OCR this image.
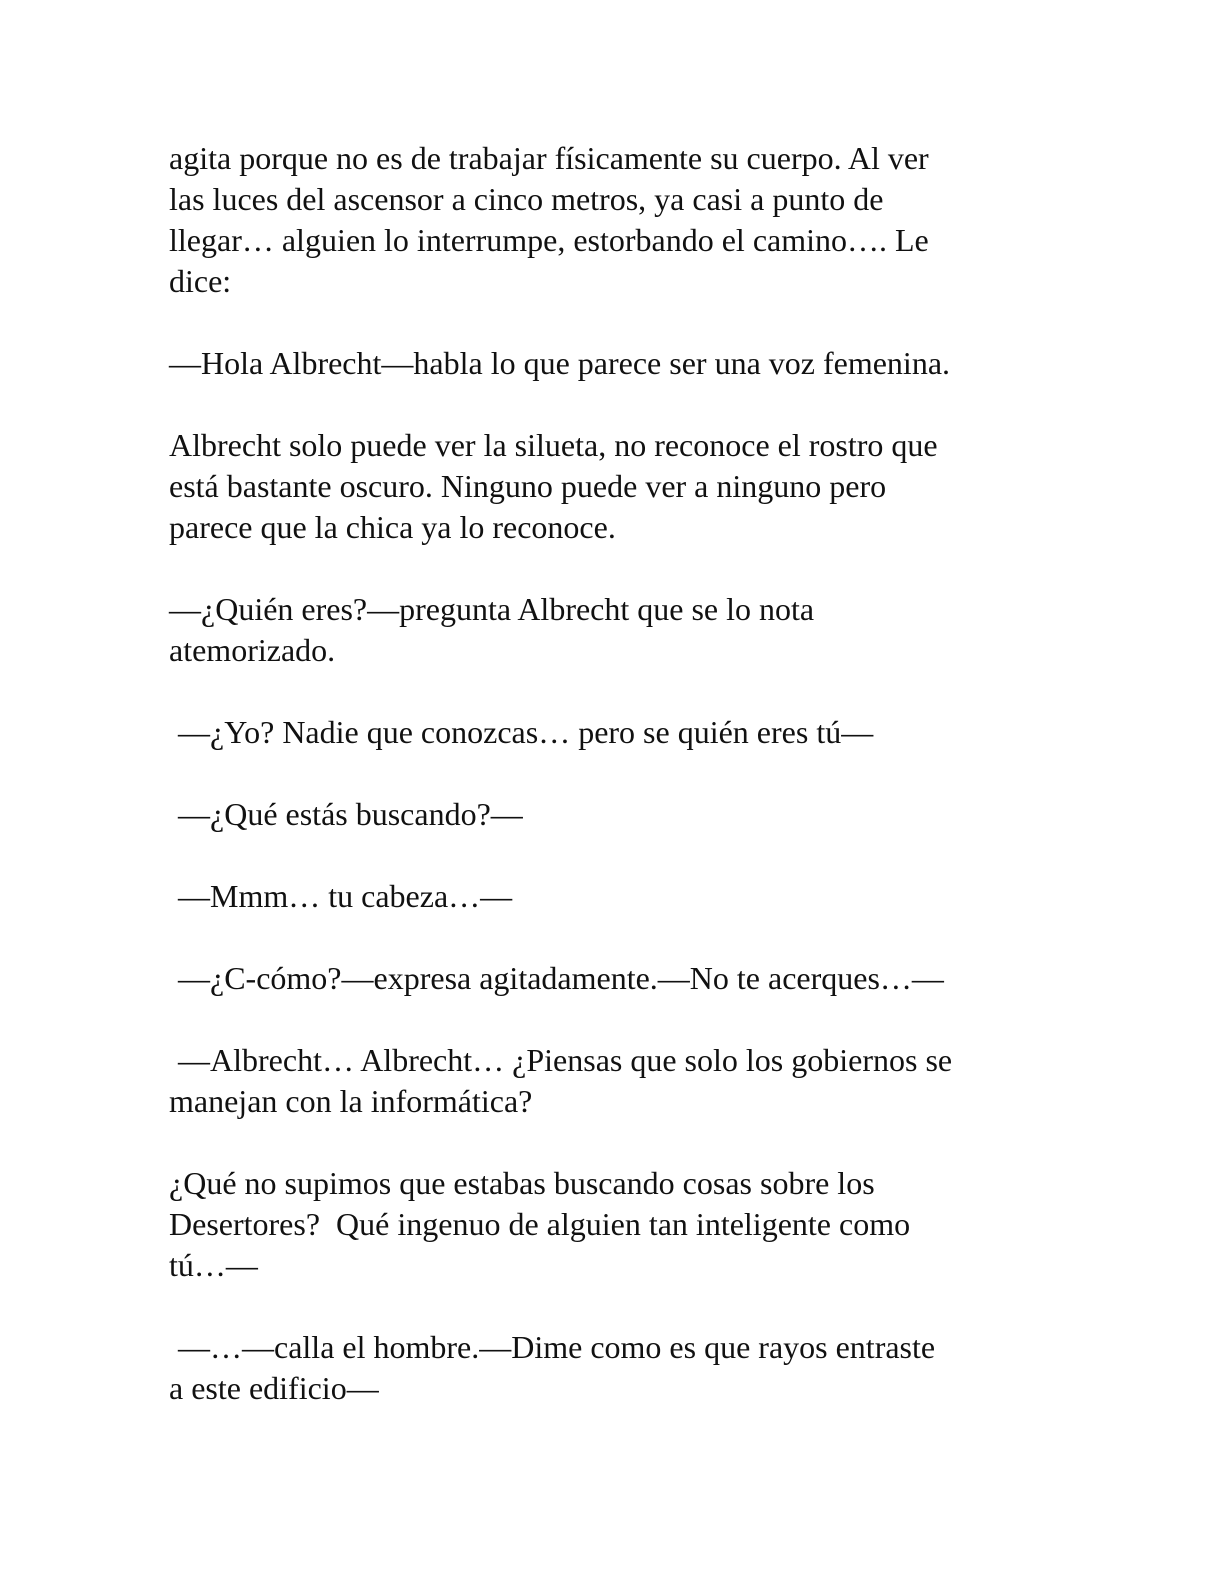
agita porque no es de trabajar físicamente su cuerpo. Al ver
las luces del ascensor a cinco metros, ya casi a punto de
llegar… alguien lo interrumpe, estorbando el camino…. Le
dice:

—Hola Albrecht—habla lo que parece ser una voz femenina.

Albrecht solo puede ver la silueta, no reconoce el rostro que
está bastante oscuro. Ninguno puede ver a ninguno pero
parece que la chica ya lo reconoce.

—¿Quién eres?—pregunta Albrecht que se lo nota
atemorizado.

—¿Yo? Nadie que conozcas… pero se quién eres tú—

—¿Qué estás buscando?—

—Mmm… tu cabeza…—

—¿C-cómo?—expresa agitadamente.—No te acerques…—

—Albrecht… Albrecht… ¿Piensas que solo los gobiernos se
manejan con la informática?

¿Qué no supimos que estabas buscando cosas sobre los
Desertores?  Qué ingenuo de alguien tan inteligente como
tú…—

—…—calla el hombre.—Dime como es que rayos entraste
a este edificio—
